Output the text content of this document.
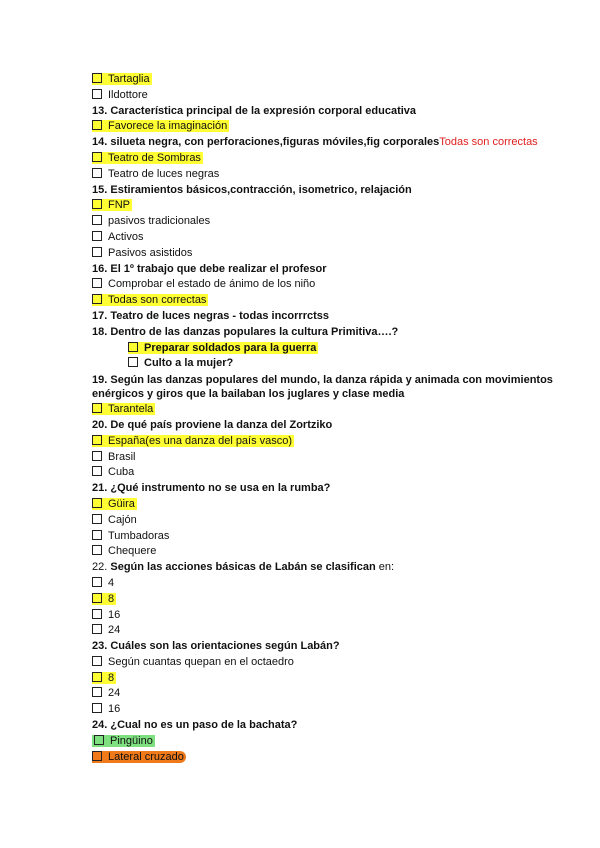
Tartaglia
Ildottore
13. Característica principal de la expresión corporal educativa
Favorece la imaginación
14. silueta negra, con perforaciones,figuras móviles,fig corporalesTodas son correctas
Teatro de Sombras
Teatro de luces negras
15. Estiramientos básicos,contracción, isometrico, relajación
FNP
pasivos tradicionales
Activos
Pasivos asistidos
16. El 1º trabajo que debe realizar el profesor
Comprobar el estado de ánimo de los niño
Todas son correctas
17. Teatro de luces negras - todas incorrrctss
18. Dentro de las danzas populares la cultura Primitiva….?
Preparar soldados para la guerra
Culto a la mujer?
19. Según las danzas populares del mundo, la danza rápida y animada con movimientos enérgicos y giros que la bailaban los juglares y clase media
Tarantela
20. De qué país proviene la danza del Zortziko
España(es una danza del país vasco)
Brasil
Cuba
21. ¿Qué instrumento no se usa en la rumba?
Güira
Cajón
Tumbadoras
Chequere
22. Según las acciones básicas de Labán se clasifican en:
4
8
16
24
23. Cuáles son las orientaciones según Labán?
Según cuantas quepan en el octaedro
8
24
16
24. ¿Cual no es un paso de la bachata?
Pingüino
Lateral cruzado
